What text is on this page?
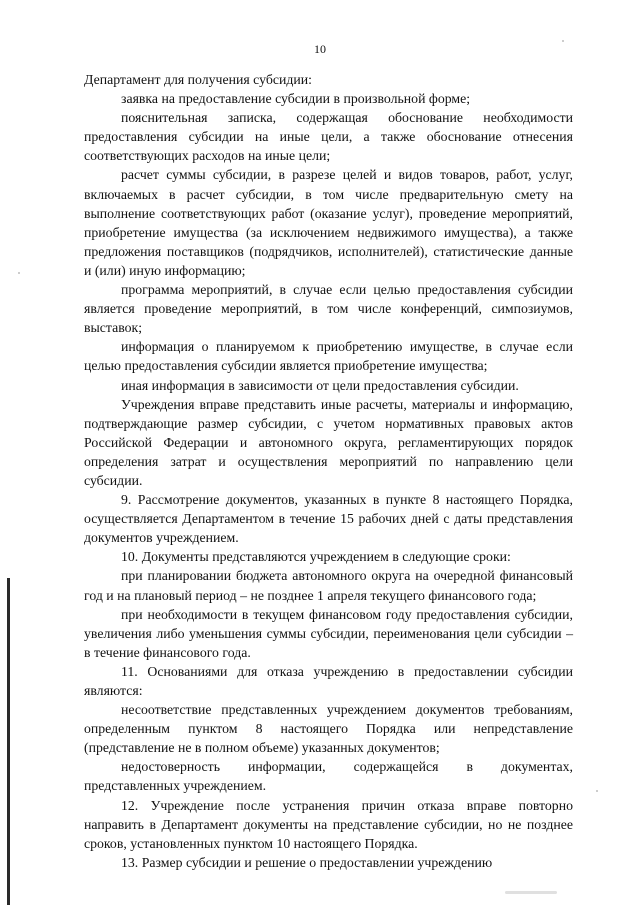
10

Департамент для получения субсидии:

заявка на предоставление субсидии в произвольной форме;

пояснительная записка, содержащая обоснование необходимости предоставления субсидии на иные цели, а также обоснование отнесения соответствующих расходов на иные цели;

расчет суммы субсидии, в разрезе целей и видов товаров, работ, услуг, включаемых в расчет субсидии, в том числе предварительную смету на выполнение соответствующих работ (оказание услуг), проведение мероприятий, приобретение имущества (за исключением недвижимого имущества), а также предложения поставщиков (подрядчиков, исполнителей), статистические данные и (или) иную информацию;

программа мероприятий, в случае если целью предоставления субсидии является проведение мероприятий, в том числе конференций, симпозиумов, выставок;

информация о планируемом к приобретению имуществе, в случае если целью предоставления субсидии является приобретение имущества;

иная информация в зависимости от цели предоставления субсидии.

Учреждения вправе представить иные расчеты, материалы и информацию, подтверждающие размер субсидии, с учетом нормативных правовых актов Российской Федерации и автономного округа, регламентирующих порядок определения затрат и осуществления мероприятий по направлению цели субсидии.

9. Рассмотрение документов, указанных в пункте 8 настоящего Порядка, осуществляется Департаментом в течение 15 рабочих дней с даты представления документов учреждением.

10. Документы представляются учреждением в следующие сроки:

при планировании бюджета автономного округа на очередной финансовый год и на плановый период – не позднее 1 апреля текущего финансового года;

при необходимости в текущем финансовом году предоставления субсидии, увеличения либо уменьшения суммы субсидии, переименования цели субсидии – в течение финансового года.

11. Основаниями для отказа учреждению в предоставлении субсидии являются:

несоответствие представленных учреждением документов требованиям, определенным пунктом 8 настоящего Порядка или непредставление (представление не в полном объеме) указанных документов;

недостоверность информации, содержащейся в документах, представленных учреждением.

12. Учреждение после устранения причин отказа вправе повторно направить в Департамент документы на представление субсидии, но не позднее сроков, установленных пунктом 10 настоящего Порядка.

13. Размер субсидии и решение о предоставлении учреждению
